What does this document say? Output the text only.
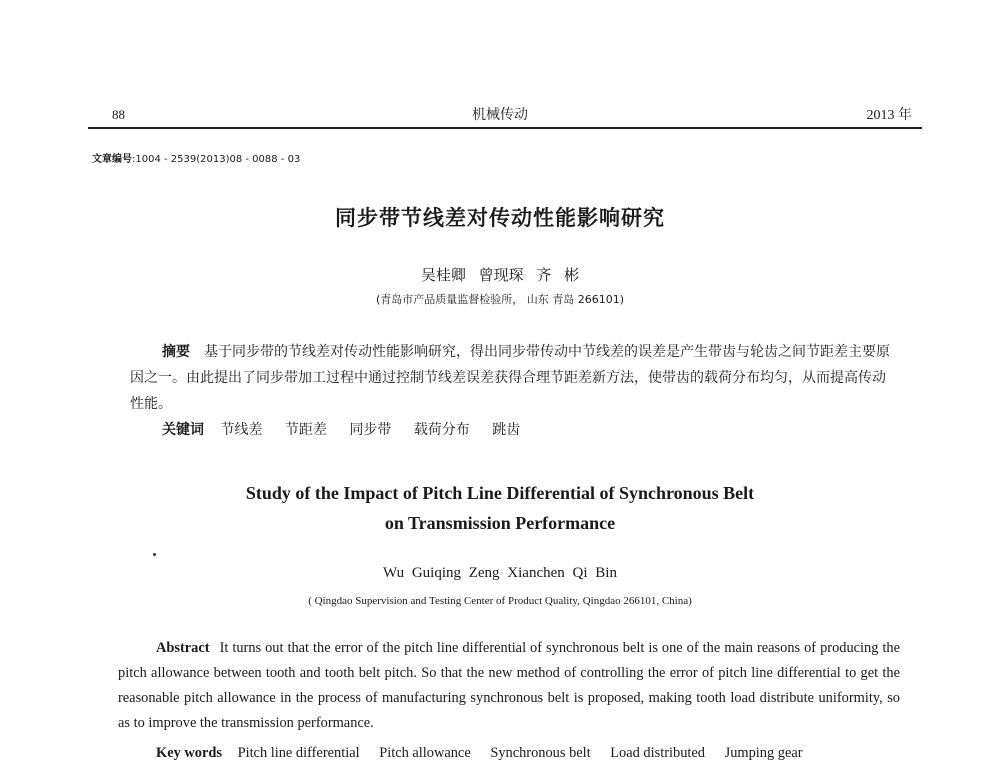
88	机械传动	2013 年
文章编号:1004 - 2539(2013)08 - 0088 - 03
同步带节线差对传动性能影响研究
吴桂卿 曾现琛 齐 彬
(青岛市产品质量监督检验所， 山东 青岛 266101)
摘要 基于同步带的节线差对传动性能影响研究，得出同步带传动中节线差的误差是产生带齿与轮齿之间节距差主要原因之一。由此提出了同步带加工过程中通过控制节线差误差获得合理节距差新方法，使带齿的载荷分布均匀，从而提高传动性能。
关键词 节线差 节距差 同步带 载荷分布 跳齿
Study of the Impact of Pitch Line Differential of Synchronous Belt
on Transmission Performance
Wu Guiqing Zeng Xianchen Qi Bin
( Qingdao Supervision and Testing Center of Product Quality, Qingdao 266101, China)
Abstract It turns out that the error of the pitch line differential of synchronous belt is one of the main reasons of producing the pitch allowance between tooth and tooth belt pitch. So that the new method of controlling the error of pitch line differential to get the reasonable pitch allowance in the process of manufacturing synchronous belt is proposed, making tooth load distribute uniformity, so as to improve the transmission performance.
Key words Pitch line differential Pitch allowance Synchronous belt Load distributed Jumping gear
